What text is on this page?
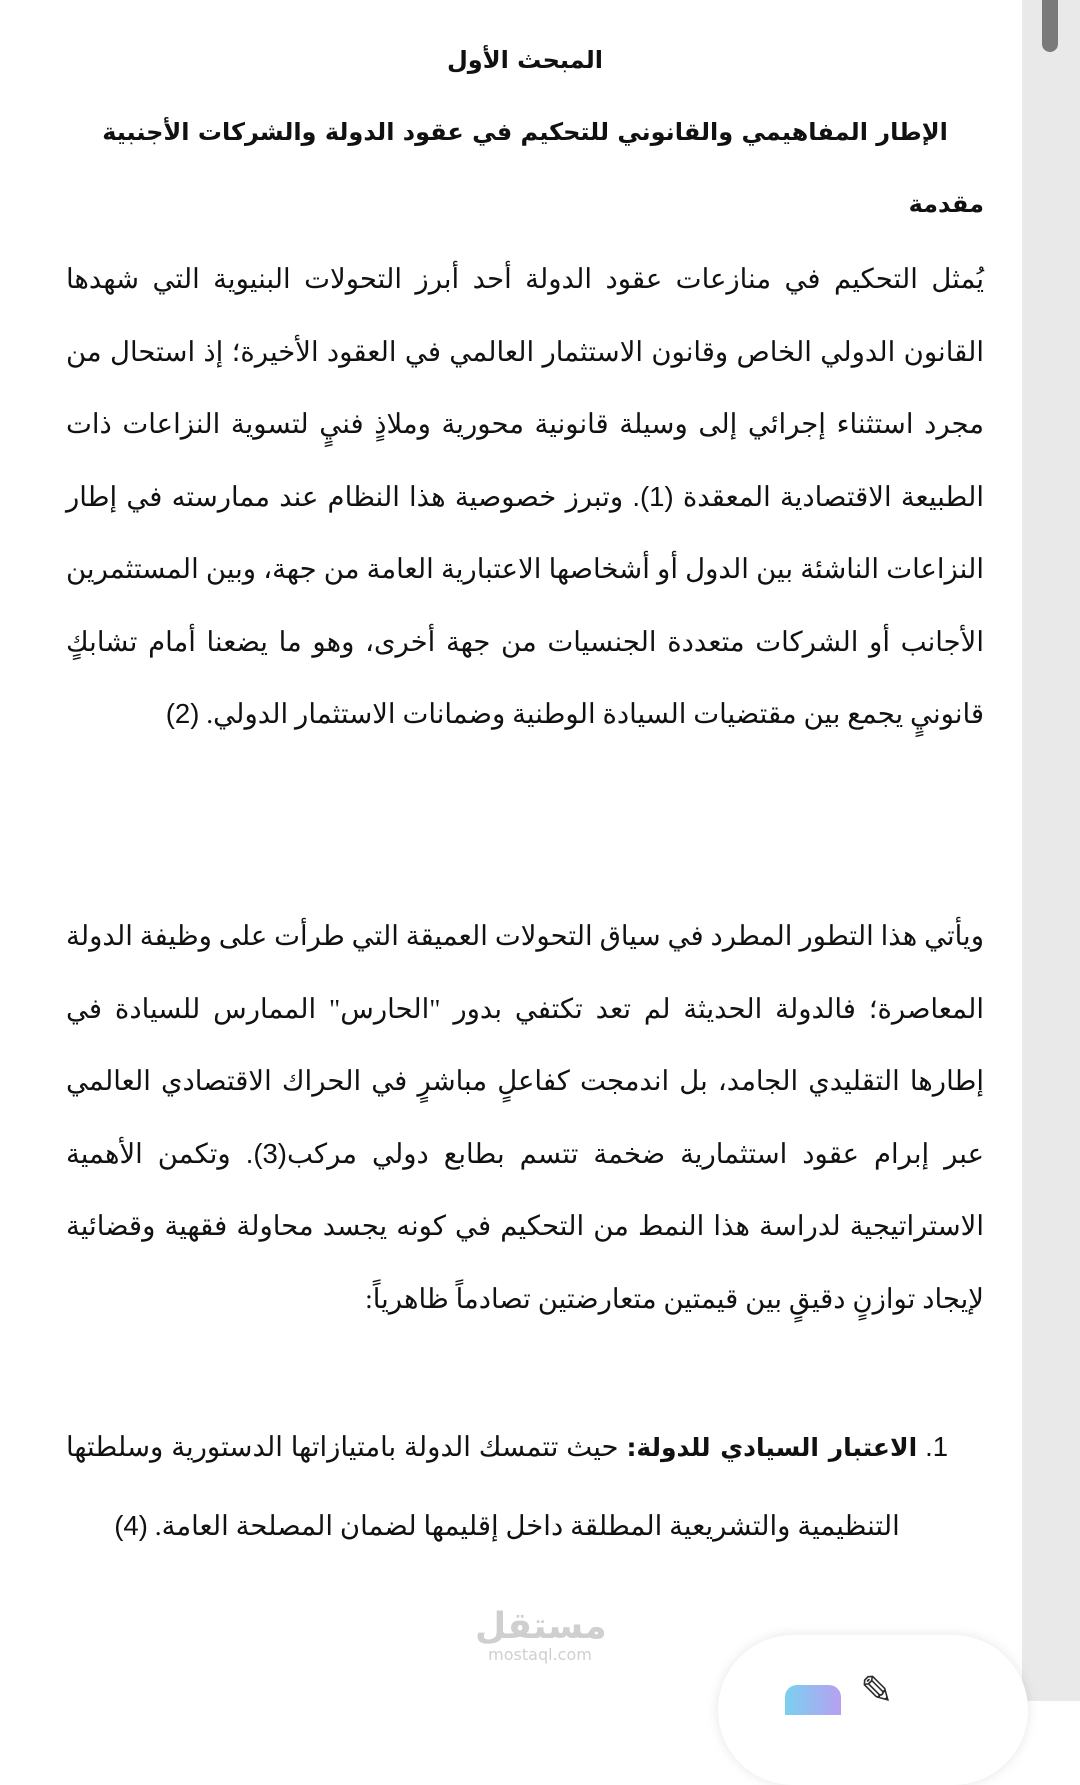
المبحث الأول

الإطار المفاهيمي والقانوني للتحكيم في عقود الدولة والشركات الأجنبية

مقدمة

يُمثل التحكيم في منازعات عقود الدولة أحد أبرز التحولات البنيوية التي شهدها القانون الدولي الخاص وقانون الاستثمار العالمي في العقود الأخيرة؛ إذ استحال من مجرد استثناء إجرائي إلى وسيلة قانونية محورية وملاذٍ فنيٍ لتسوية النزاعات ذات الطبيعة الاقتصادية المعقدة (1). وتبرز خصوصية هذا النظام عند ممارسته في إطار النزاعات الناشئة بين الدول أو أشخاصها الاعتبارية العامة من جهة، وبين المستثمرين الأجانب أو الشركات متعددة الجنسيات من جهة أخرى، وهو ما يضعنا أمام تشابكٍ قانونيٍ يجمع بين مقتضيات السيادة الوطنية وضمانات الاستثمار الدولي. (2)

ويأتي هذا التطور المطرد في سياق التحولات العميقة التي طرأت على وظيفة الدولة المعاصرة؛ فالدولة الحديثة لم تعد تكتفي بدور "الحارس" الممارس للسيادة في إطارها التقليدي الجامد، بل اندمجت كفاعلٍ مباشرٍ في الحراك الاقتصادي العالمي عبر إبرام عقود استثمارية ضخمة تتسم بطابع دولي مركب(3). وتكمن الأهمية الاستراتيجية لدراسة هذا النمط من التحكيم في كونه يجسد محاولة فقهية وقضائية لإيجاد توازنٍ دقيقٍ بين قيمتين متعارضتين تصادماً ظاهرياً:

1. الاعتبار السيادي للدولة: حيث تتمسك الدولة بامتيازاتها الدستورية وسلطتها التنظيمية والتشريعية المطلقة داخل إقليمها لضمان المصلحة العامة. (4)

مستقل
mostaql.com
✎
